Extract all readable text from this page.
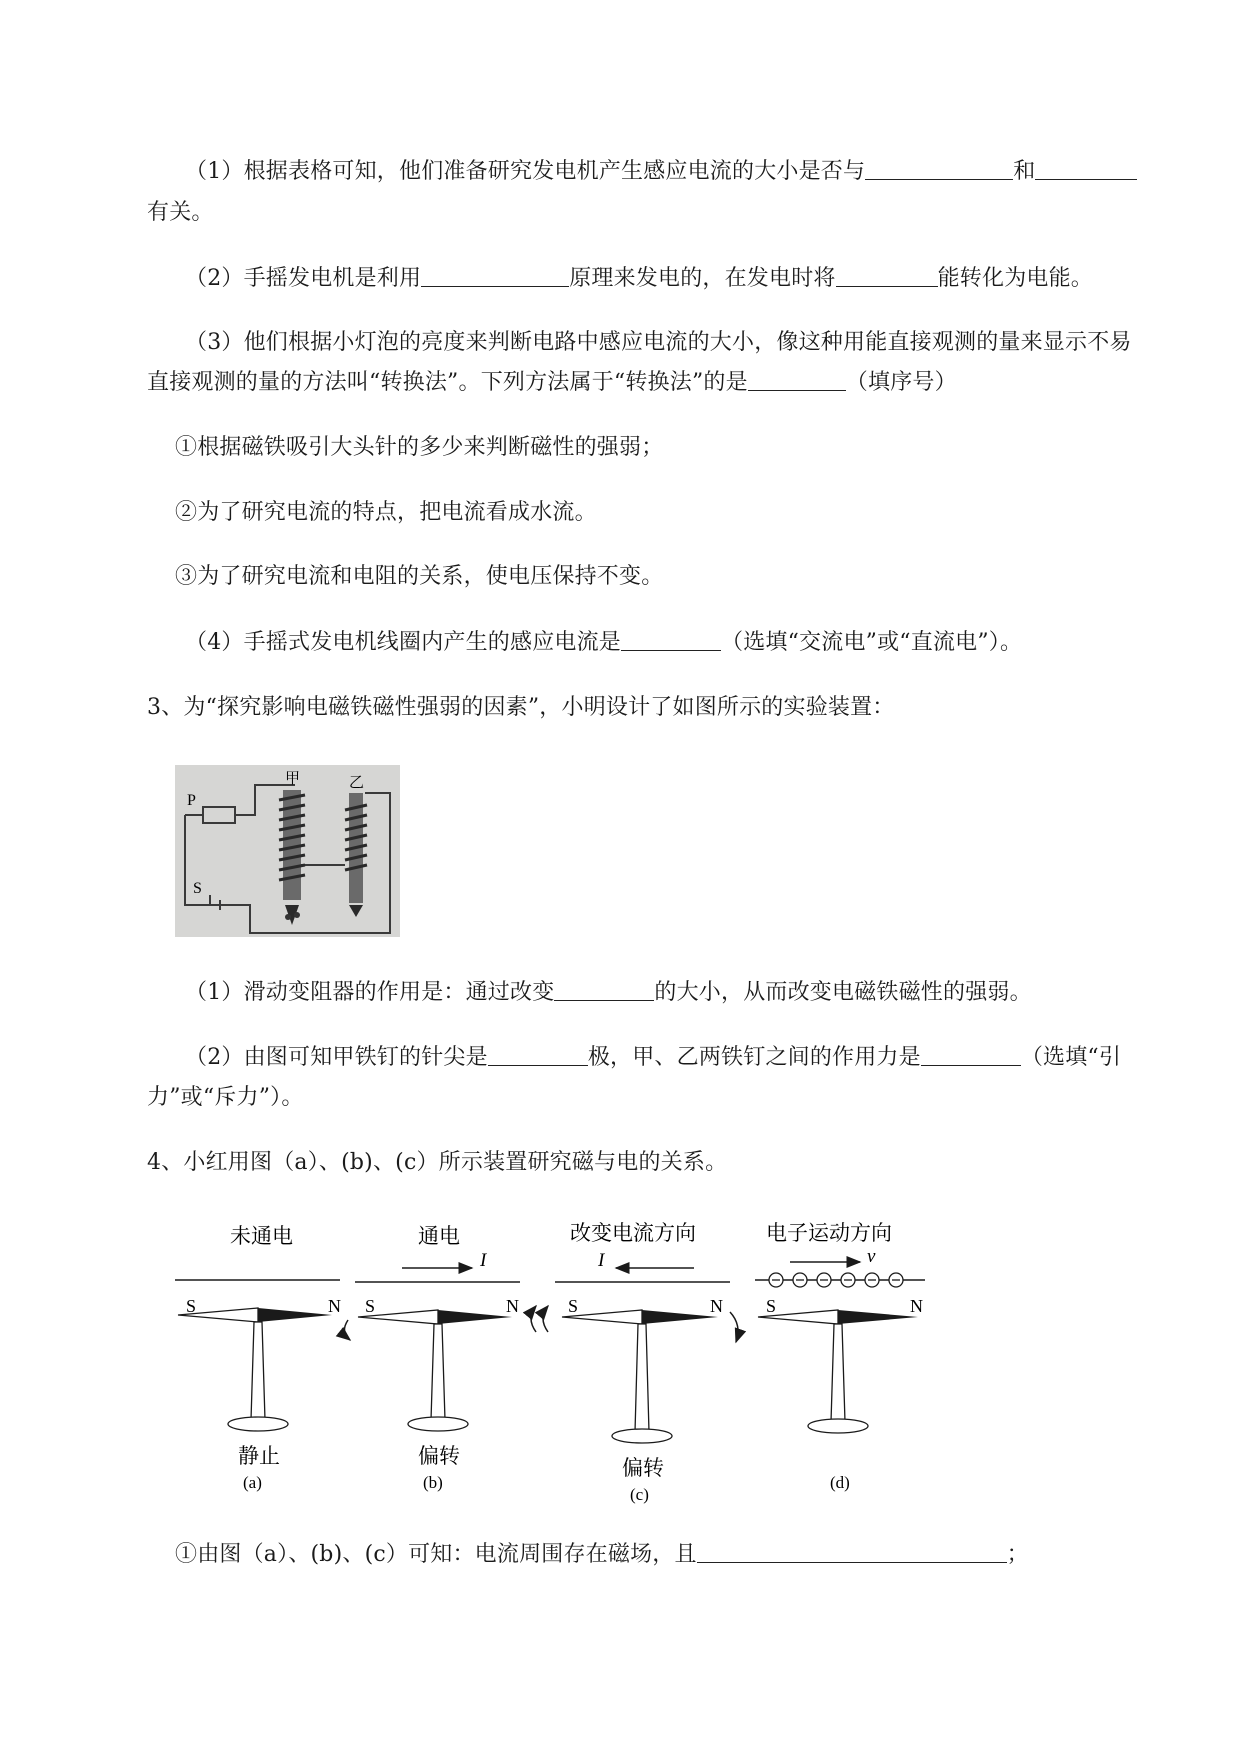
（1）根据表格可知，他们准备研究发电机产生感应电流的大小是否与	和
有关。
（2）手摇发电机是利用	原理来发电的，在发电时将	能转化为电能。
（3）他们根据小灯泡的亮度来判断电路中感应电流的大小，像这种用能直接观测的量来显示不易
直接观测的量的方法叫“转换法”。下列方法属于“转换法”的是	（填序号）
①根据磁铁吸引大头针的多少来判断磁性的强弱；
②为了研究电流的特点，把电流看成水流。
③为了研究电流和电阻的关系，使电压保持不变。
（4）手摇式发电机线圈内产生的感应电流是	（选填“交流电”或“直流电”）。
3、为“探究影响电磁铁磁性强弱的因素”，小明设计了如图所示的实验装置：
P
S
甲	乙
（1）滑动变阻器的作用是：通过改变	的大小，从而改变电磁铁磁性的强弱。
（2）由图可知甲铁钉的针尖是	极，甲、乙两铁钉之间的作用力是	（选填“引
力”或“斥力”）。
4、小红用图（a）、(b)、(c）所示装置研究磁与电的关系。
未通电
S	N
静止
(a)
通电
I
S	N
偏转
(b)
改变电流方向
I
S	N
偏转
(c)
电子运动方向
v
S	N
(d)
①由图（a）、(b)、(c）可知：电流周围存在磁场，且	；
